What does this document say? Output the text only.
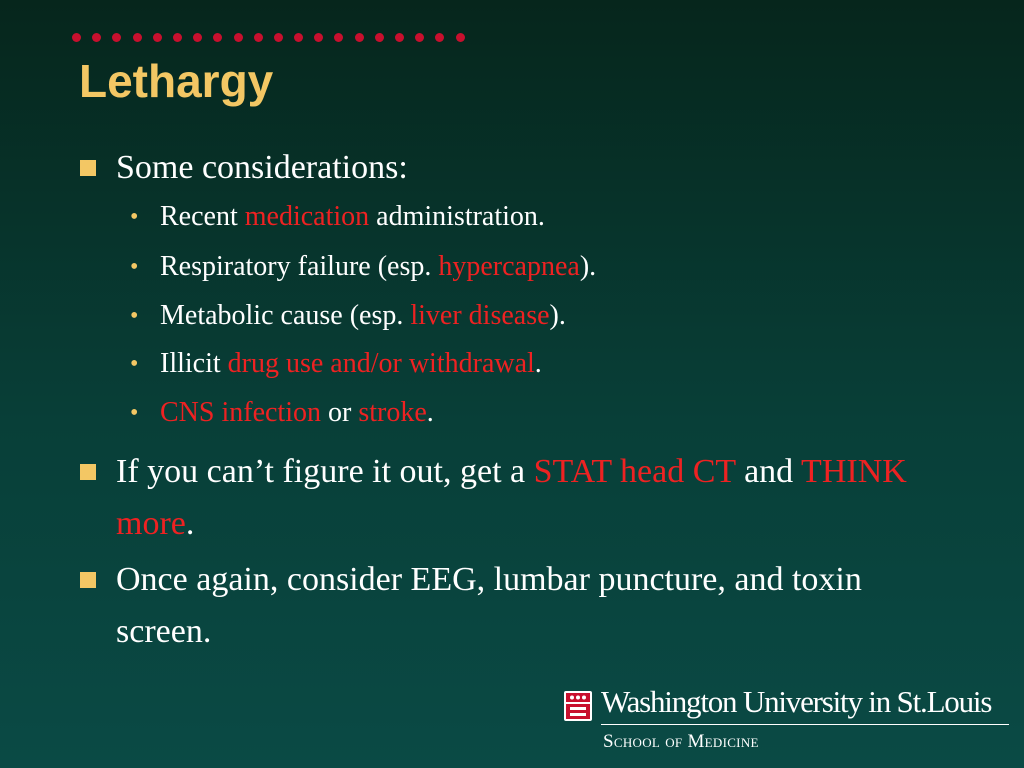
Lethargy
Some considerations:
• Recent medication administration.
• Respiratory failure (esp. hypercapnea).
• Metabolic cause (esp. liver disease).
• Illicit drug use and/or withdrawal.
• CNS infection or stroke.
If you can’t figure it out, get a STAT head CT and THINK more.
Once again, consider EEG, lumbar puncture, and toxin screen.
Washington University in St.Louis
School of Medicine
